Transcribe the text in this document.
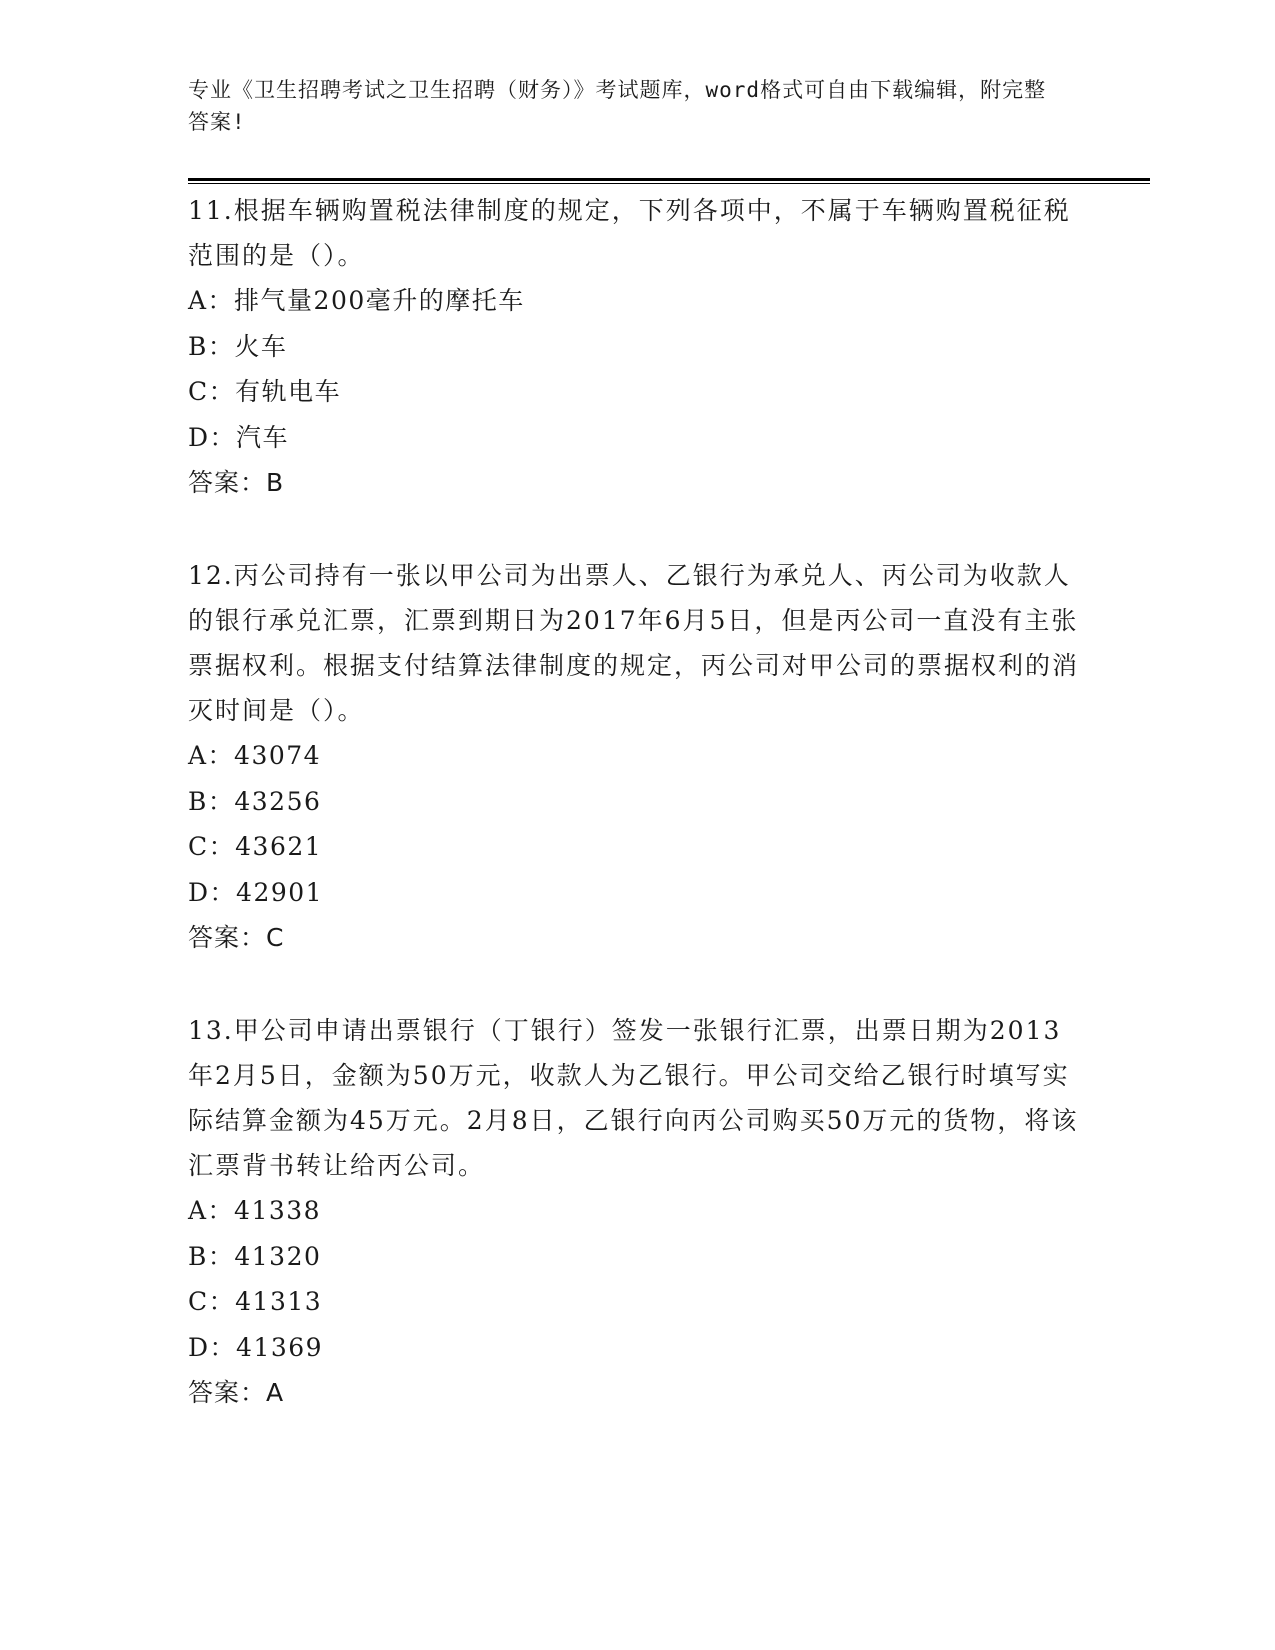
专业《卫生招聘考试之卫生招聘（财务）》考试题库，word格式可自由下载编辑，附完整答案!

11.根据车辆购置税法律制度的规定，下列各项中，不属于车辆购置税征税范围的是（）。

A：排气量200毫升的摩托车
B：火车
C：有轨电车
D：汽车
答案：B

12.丙公司持有一张以甲公司为出票人、乙银行为承兑人、丙公司为收款人的银行承兑汇票，汇票到期日为2017年6月5日，但是丙公司一直没有主张票据权利。根据支付结算法律制度的规定，丙公司对甲公司的票据权利的消灭时间是（）。

A：43074
B：43256
C：43621
D：42901
答案：C

13.甲公司申请出票银行（丁银行）签发一张银行汇票，出票日期为2013年2月5日，金额为50万元，收款人为乙银行。甲公司交给乙银行时填写实际结算金额为45万元。2月8日，乙银行向丙公司购买50万元的货物，将该汇票背书转让给丙公司。

A：41338
B：41320
C：41313
D：41369
答案：A
